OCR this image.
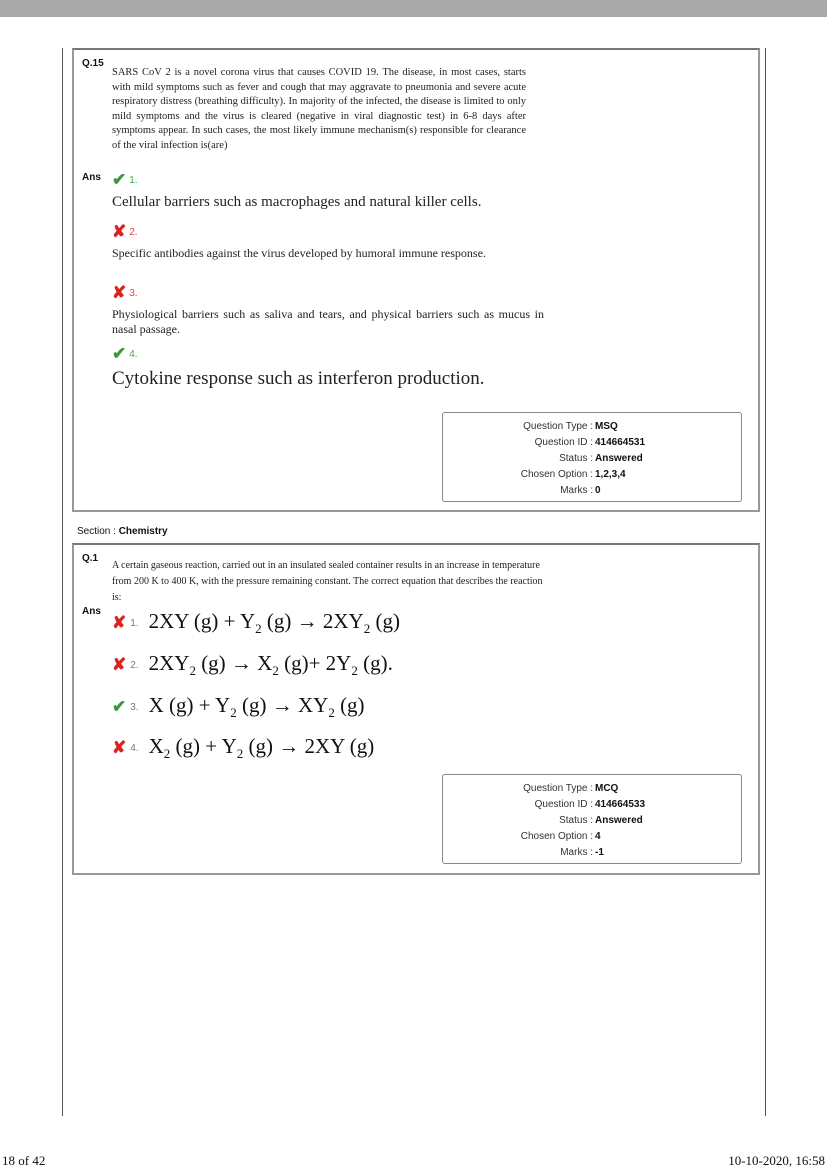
Q.15
SARS CoV 2 is a novel corona virus that causes COVID 19. The disease, in most cases, starts with mild symptoms such as fever and cough that may aggravate to pneumonia and severe acute respiratory distress (breathing difficulty). In majority of the infected, the disease is limited to only mild symptoms and the virus is cleared (negative in viral diagnostic test) in 6-8 days after symptoms appear. In such cases, the most likely immune mechanism(s) responsible for clearance of the viral infection is(are)
Ans ✔ 1.
Cellular barriers such as macrophages and natural killer cells.
✘ 2.
Specific antibodies against the virus developed by humoral immune response.
✘ 3.
Physiological barriers such as saliva and tears, and physical barriers such as mucus in nasal passage.
✔ 4.
Cytokine response such as interferon production.
Question Type : MSQ
Question ID : 414664531
Status : Answered
Chosen Option : 1,2,3,4
Marks : 0
Section : Chemistry
Q.1
A certain gaseous reaction, carried out in an insulated sealed container results in an increase in temperature from 200 K to 400 K, with the pressure remaining constant. The correct equation that describes the reaction is:
Ans
✘ 1. 2XY $(g) + Y_2$ $(g) \to 2XY_2$ (g)
✘ 2. $2XY_2$ $(g) \to X_2$ $(g)+ 2Y_2$ (g).
✔ 3. X $(g) + Y_2$ $(g) \to XY_2$ (g)
✘ 4. $X_2$ $(g) + Y_2$ (g) → 2XY (g)
Question Type : MCQ
Question ID : 414664533
Status : Answered
Chosen Option : 4
Marks : -1
18 of 42	10-10-2020, 16:58
